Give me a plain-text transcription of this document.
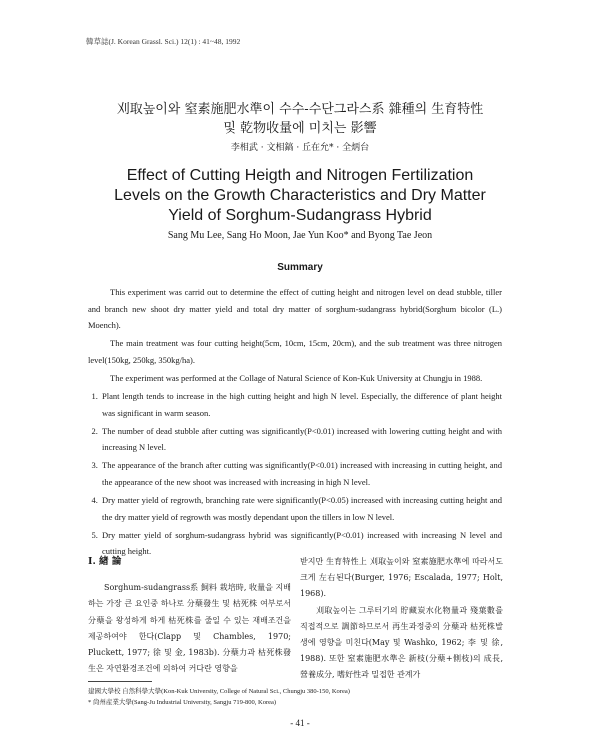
韓草誌(J. Korean Grassl. Sci.) 12(1) : 41~48, 1992
刈取높이와 窒素施肥水準이 수수-수단그라스系 雜種의 生育特性
및 乾物收量에 미치는 影響
李相武 · 文相鎬 · 丘在允* · 全炳台
Effect of Cutting Heigth and Nitrogen Fertilization
Levels on the Growth Characteristics and Dry Matter
Yield of Sorghum-Sudangrass Hybrid
Sang Mu Lee, Sang Ho Moon, Jae Yun Koo* and Byong Tae Jeon
Summary

This experiment was carrid out to determine the effect of cutting height and nitrogen level on dead stubble, tiller and branch new shoot dry matter yield and total dry matter of sorghum-sudangrass hybrid(Sorghum bicolor (L.) Moench).

The main treatment was four cutting height(5cm, 10cm, 15cm, 20cm), and the sub treatment was three nitrogen level(150kg, 250kg, 350kg/ha).

The experiment was performed at the Collage of Natural Science of Kon-Kuk University at Chungju in 1988.

1. Plant length tends to increase in the high cutting height and high N level. Especially, the difference of plant height was significant in warm season.
2. The number of dead stubble after cutting was significantly(P<0.01) increased with lowering cutting height and with increasing N level.
3. The appearance of the branch after cutting was significantly(P<0.01) increased with increasing in cutting height, and the appearance of the new shoot was increased with increasing in high N level.
4. Dry matter yield of regrowth, branching rate were significantly(P<0.05) increased with increasing cutting height and the dry matter yield of regrowth was mostly dependant upon the tillers in low N level.
5. Dry matter yield of sorghum-sudangrass hybrid was significantly(P<0.01) increased with increasing N level and cutting height.

Ⅰ. 緖 論

Sorghum-sudangrass系 飼料 栽培時, 收量을 지배하는 가장 큰 요인중 하나로 分蘖發生 및 枯死株 여부로서 分蘖을 왕성하게 하게 枯死株를 줄일 수 있는 재배조건을 제공하여야 한다(Clapp 및 Chambles, 1970; Pluckett, 1977; 徐 및 金, 1983b). 分蘖力과 枯死株發生은 자연환경조건에 의하여 커다란 영향을

받지만 生育特性上 刈取높이와 窒素施肥水準에 따라서도 크게 左右된다(Burger, 1976; Escalada, 1977; Holt, 1968).

刈取높이는 그루터기의 貯藏炭水化物量과 殘葉數를 직접적으로 調節하므로서 再生과정중의 分蘖과 枯死株발생에 영향을 미친다(May 및 Washko, 1962; 李 및 徐, 1988). 또한 窒素施肥水準은 新枝(分蘖+側枝)의 成長, 營養成分, 嗜好性과 밀접한 관계가

建國大學校 自然科學大學(Kon-Kuk University, College of Natural Sci., Chungju 380-150, Korea)
* 尙州産業大學(Sang-Ju Industrial University, Sangju 719-800, Korea)
- 41 -
